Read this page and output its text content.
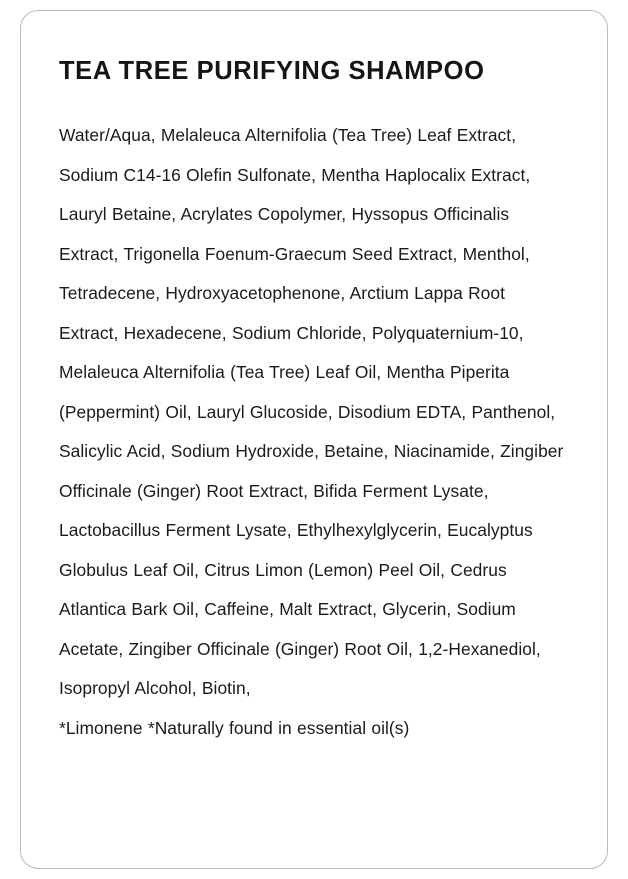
TEA TREE PURIFYING SHAMPOO
Water/Aqua, Melaleuca Alternifolia (Tea Tree) Leaf Extract, Sodium C14-16 Olefin Sulfonate, Mentha Haplocalix Extract, Lauryl Betaine, Acrylates Copolymer, Hyssopus Officinalis Extract, Trigonella Foenum-Graecum Seed Extract, Menthol, Tetradecene, Hydroxyacetophenone, Arctium Lappa Root Extract, Hexadecene, Sodium Chloride, Polyquaternium-10, Melaleuca Alternifolia (Tea Tree) Leaf Oil, Mentha Piperita (Peppermint) Oil, Lauryl Glucoside, Disodium EDTA, Panthenol, Salicylic Acid, Sodium Hydroxide, Betaine, Niacinamide, Zingiber Officinale (Ginger) Root Extract, Bifida Ferment Lysate, Lactobacillus Ferment Lysate, Ethylhexylglycerin, Eucalyptus Globulus Leaf Oil, Citrus Limon (Lemon) Peel Oil, Cedrus Atlantica Bark Oil, Caffeine, Malt Extract, Glycerin, Sodium Acetate, Zingiber Officinale (Ginger) Root Oil, 1,2-Hexanediol, Isopropyl Alcohol, Biotin,
*Limonene *Naturally found in essential oil(s)
